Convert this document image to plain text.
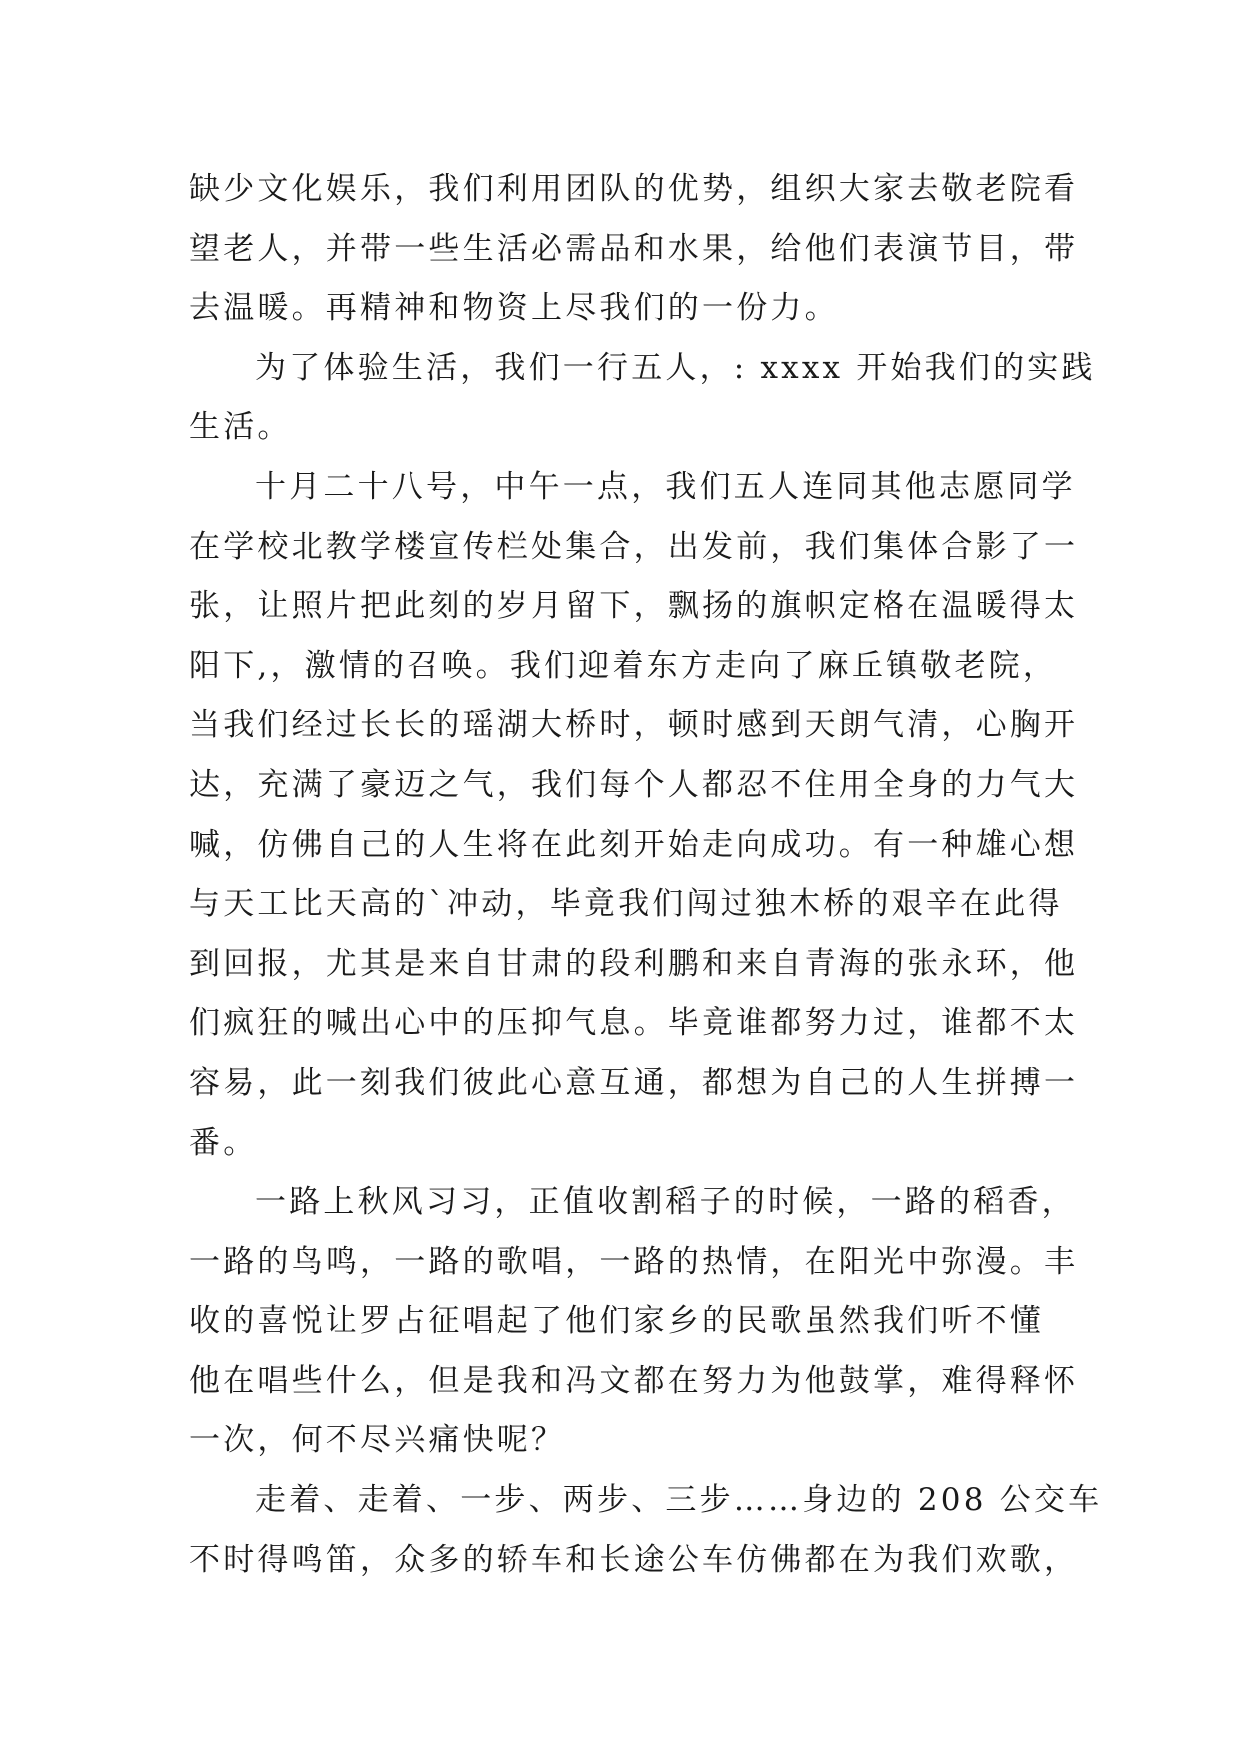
缺少文化娱乐，我们利用团队的优势，组织大家去敬老院看
望老人，并带一些生活必需品和水果，给他们表演节目，带
去温暖。再精神和物资上尽我们的一份力。
为了体验生活，我们一行五人，: xxxx 开始我们的实践
生活。
十月二十八号，中午一点，我们五人连同其他志愿同学
在学校北教学楼宣传栏处集合，出发前，我们集体合影了一
张，让照片把此刻的岁月留下，飘扬的旗帜定格在温暖得太
阳下,，激情的召唤。我们迎着东方走向了麻丘镇敬老院，
当我们经过长长的瑶湖大桥时，顿时感到天朗气清，心胸开
达，充满了豪迈之气，我们每个人都忍不住用全身的力气大
喊，仿佛自己的人生将在此刻开始走向成功。有一种雄心想
与天工比天高的`冲动，毕竟我们闯过独木桥的艰辛在此得
到回报，尤其是来自甘肃的段利鹏和来自青海的张永环，他
们疯狂的喊出心中的压抑气息。毕竟谁都努力过，谁都不太
容易，此一刻我们彼此心意互通，都想为自己的人生拼搏一
番。
一路上秋风习习，正值收割稻子的时候，一路的稻香，
一路的鸟鸣，一路的歌唱，一路的热情，在阳光中弥漫。丰
收的喜悦让罗占征唱起了他们家乡的民歌虽然我们听不懂
他在唱些什么，但是我和冯文都在努力为他鼓掌，难得释怀
一次，何不尽兴痛快呢？
走着、走着、一步、两步、三步……身边的 208 公交车
不时得鸣笛，众多的轿车和长途公车仿佛都在为我们欢歌，
